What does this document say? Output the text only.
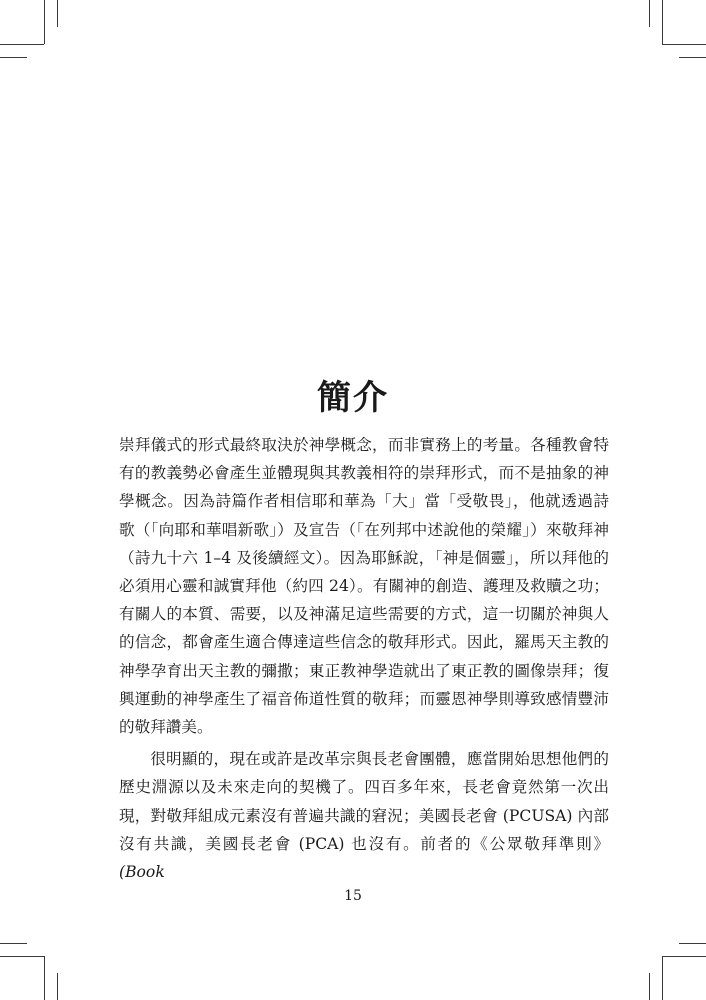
簡介

崇拜儀式的形式最終取決於神學概念，而非實務上的考量。各種教會特有的教義勢必會產生並體現與其教義相符的崇拜形式，而不是抽象的神學概念。因為詩篇作者相信耶和華為「大」當「受敬畏」，他就透過詩歌（「向耶和華唱新歌」）及宣告（「在列邦中述說他的榮耀」）來敬拜神（詩九十六 1–4 及後續經文）。因為耶穌說，「神是個靈」，所以拜他的必須用心靈和誠實拜他（約四 24）。有關神的創造、護理及救贖之功；有關人的本質、需要，以及神滿足這些需要的方式，這一切關於神與人的信念，都會產生適合傳達這些信念的敬拜形式。因此，羅馬天主教的神學孕育出天主教的彌撒；東正教神學造就出了東正教的圖像崇拜；復興運動的神學產生了福音佈道性質的敬拜；而靈恩神學則導致感情豐沛的敬拜讚美。

很明顯的，現在或許是改革宗與長老會團體，應當開始思想他們的歷史淵源以及未來走向的契機了。四百多年來，長老會竟然第一次出現，對敬拜組成元素沒有普遍共識的窘況；美國長老會 (PCUSA) 內部沒有共識，美國長老會 (PCA) 也沒有。前者的《公眾敬拜準則》(Book

15
